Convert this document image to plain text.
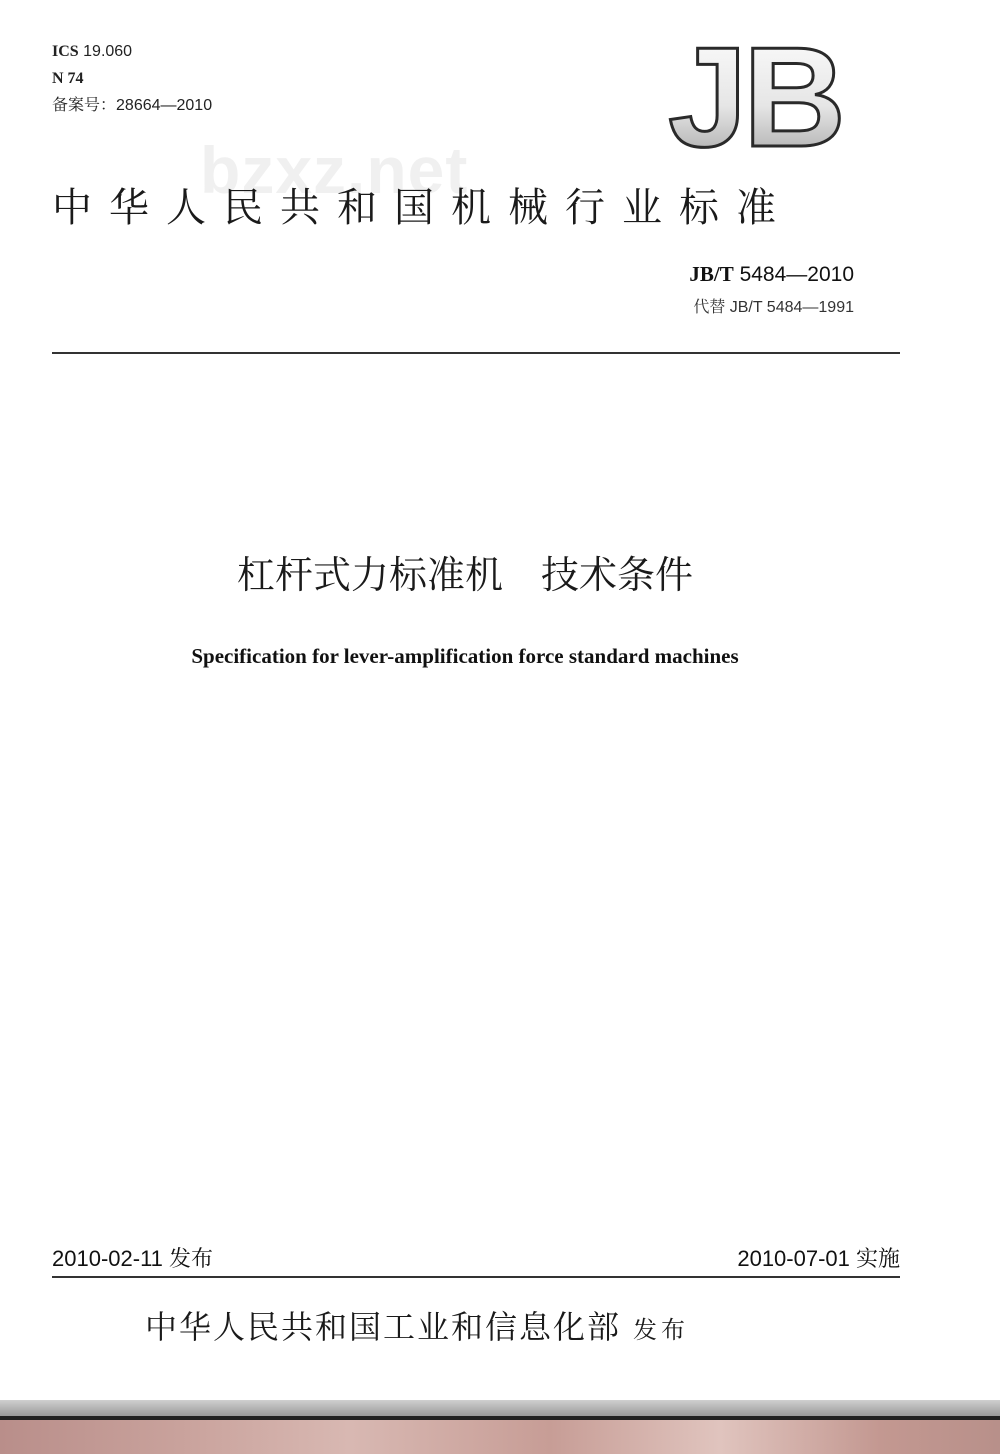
ICS 19.060
N 74
备案号：28664—2010	JB
bzxz.net
中华人民共和国机械行业标准
JB/T 5484—2010
代替 JB/T 5484—1991
杠杆式力标准机　技术条件
Specification for lever-amplification force standard machines
2010-02-11 发布	2010-07-01 实施
中华人民共和国工业和信息化部 发布
